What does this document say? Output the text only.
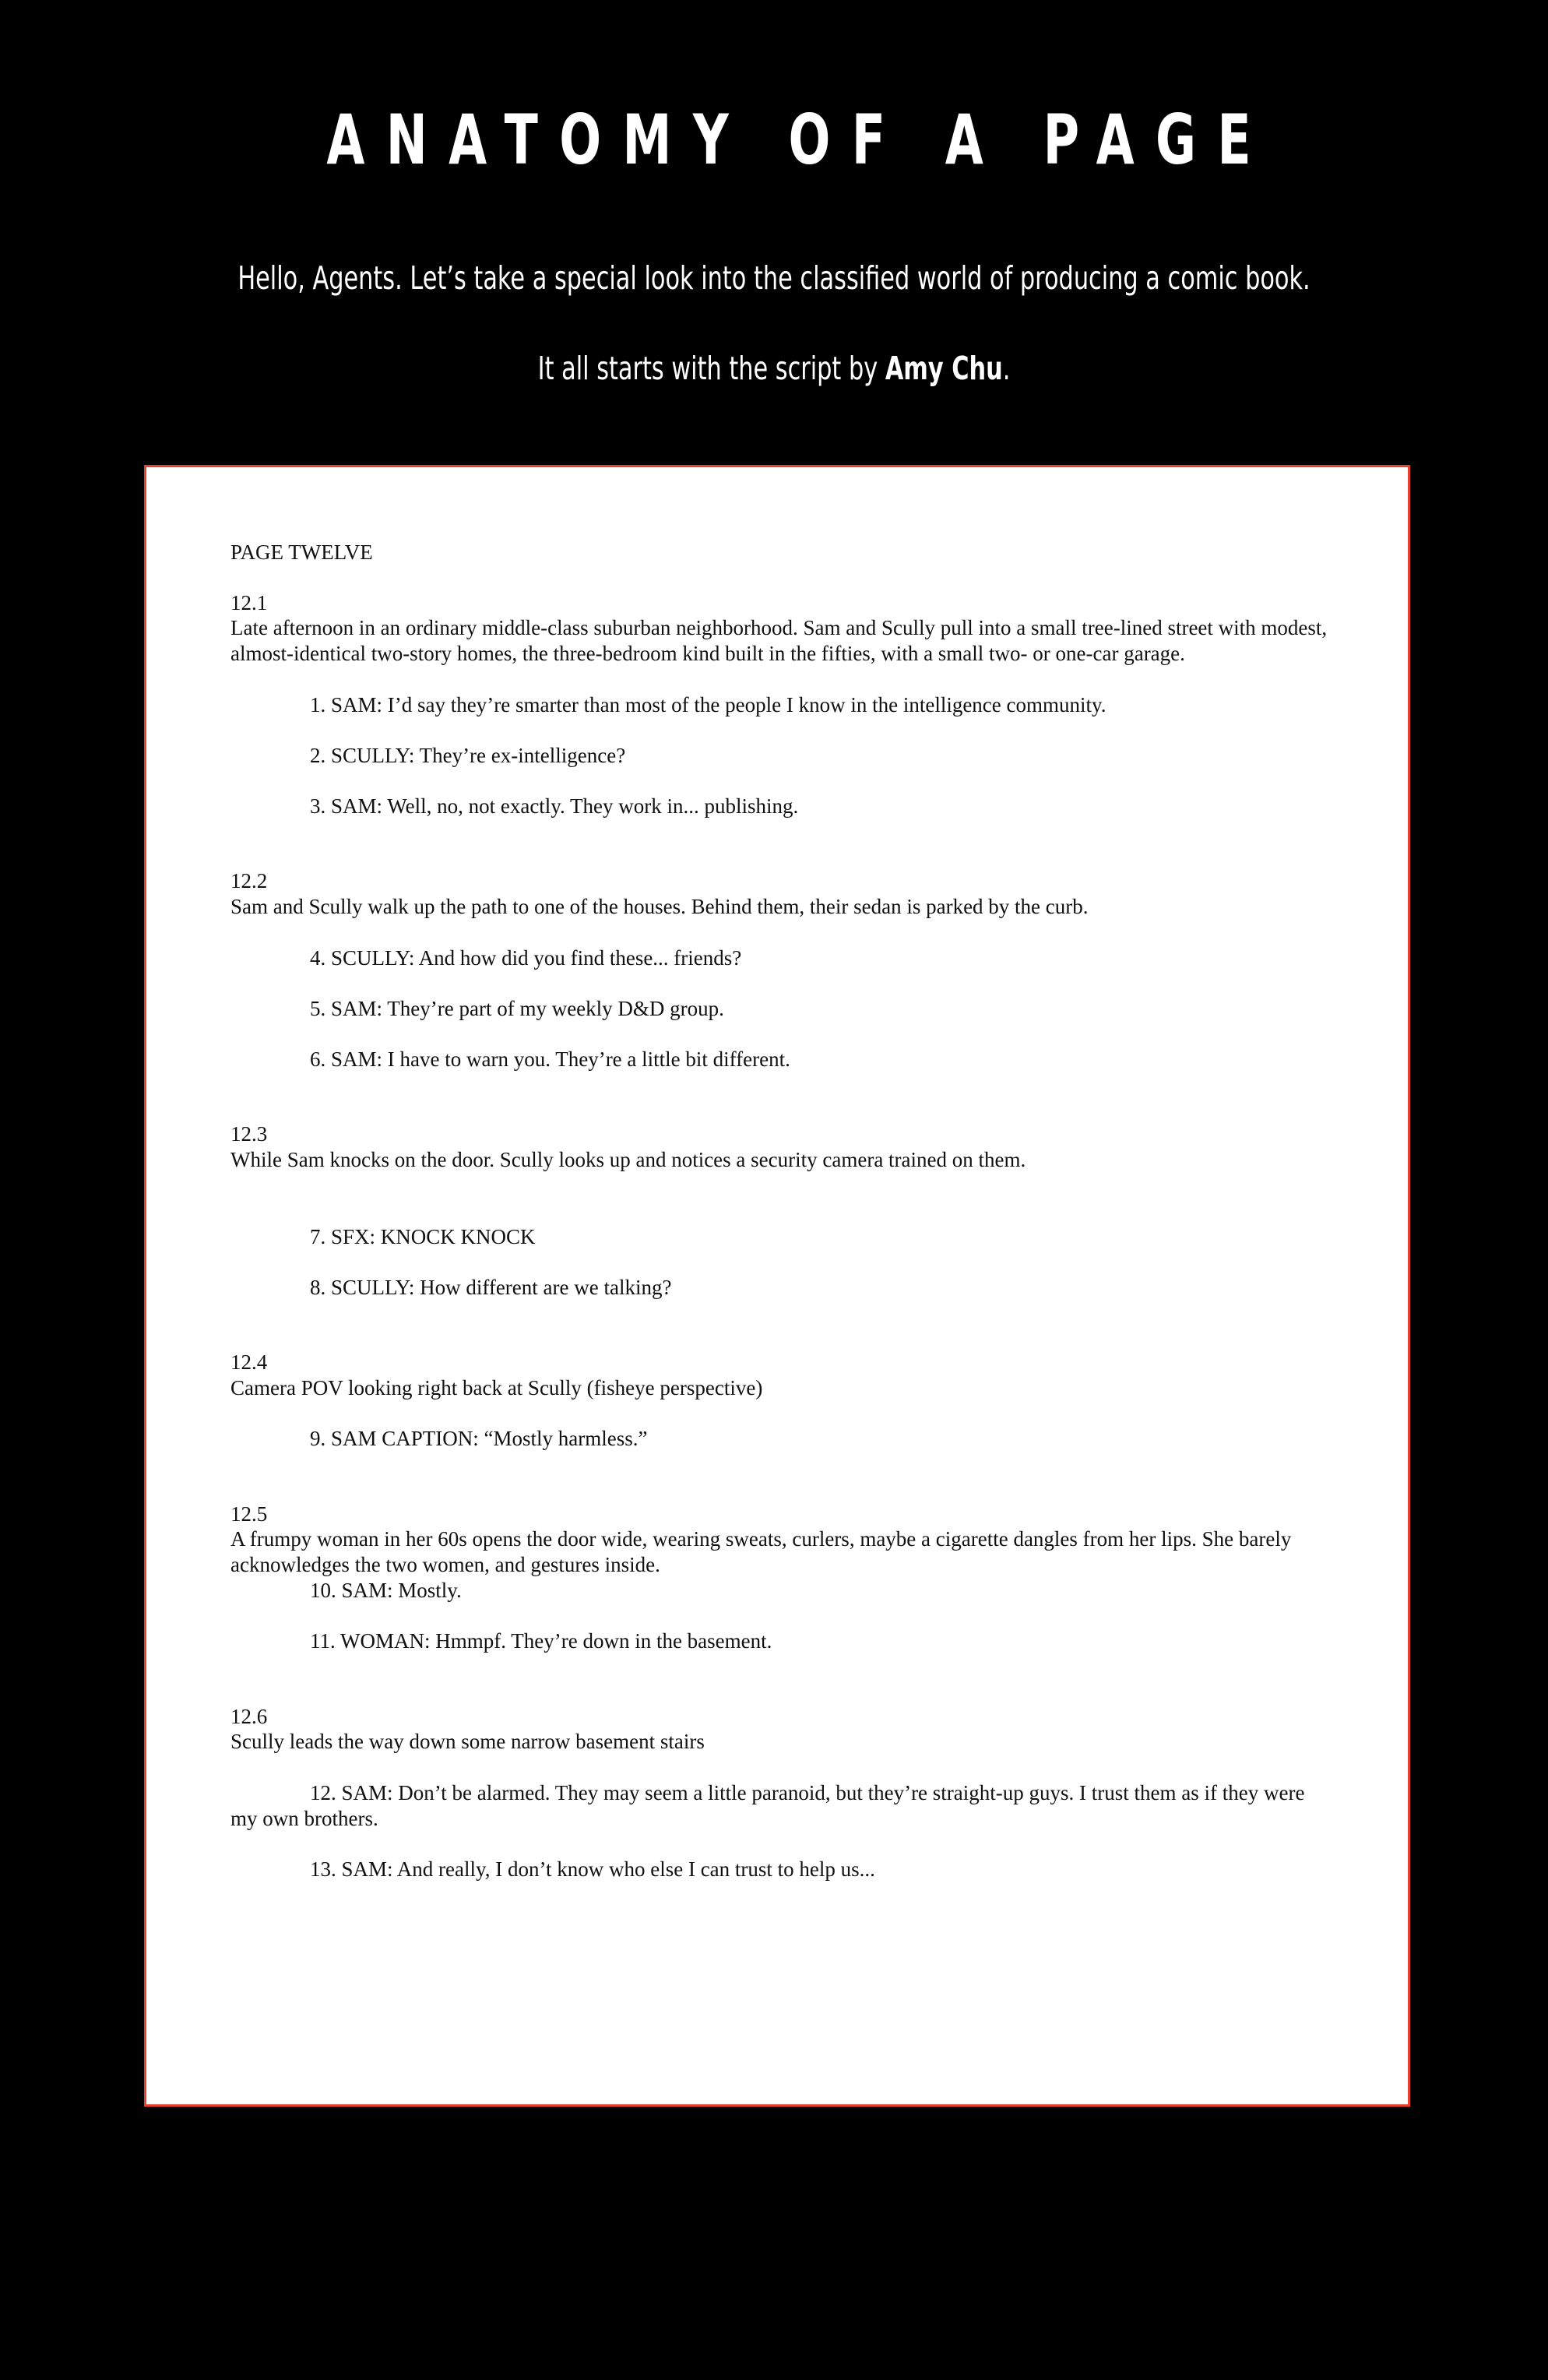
ANATOMY OF A PAGE

Hello, Agents. Let’s take a special look into the classified world of producing a comic book.

It all starts with the script by Amy Chu.

PAGE TWELVE

12.1

Late afternoon in an ordinary middle-class suburban neighborhood. Sam and Scully pull into a small tree-lined street with modest, almost-identical two-story homes, the three-bedroom kind built in the fifties, with a small two- or one-car garage.

1. SAM: I’d say they’re smarter than most of the people I know in the intelligence community.

2. SCULLY: They’re ex-intelligence?

3. SAM: Well, no, not exactly. They work in... publishing.

12.2

Sam and Scully walk up the path to one of the houses. Behind them, their sedan is parked by the curb.

4. SCULLY: And how did you find these... friends?

5. SAM: They’re part of my weekly D&D group.

6. SAM: I have to warn you. They’re a little bit different.

12.3

While Sam knocks on the door. Scully looks up and notices a security camera trained on them.

7. SFX: KNOCK KNOCK

8. SCULLY: How different are we talking?

12.4

Camera POV looking right back at Scully (fisheye perspective)

9. SAM CAPTION: “Mostly harmless.”

12.5

A frumpy woman in her 60s opens the door wide, wearing sweats, curlers, maybe a cigarette dangles from her lips. She barely acknowledges the two women, and gestures inside.

10. SAM: Mostly.

11. WOMAN: Hmmpf. They’re down in the basement.

12.6

Scully leads the way down some narrow basement stairs

12. SAM: Don’t be alarmed. They may seem a little paranoid, but they’re straight-up guys. I trust them as if they were my own brothers.

13. SAM: And really, I don’t know who else I can trust to help us...
